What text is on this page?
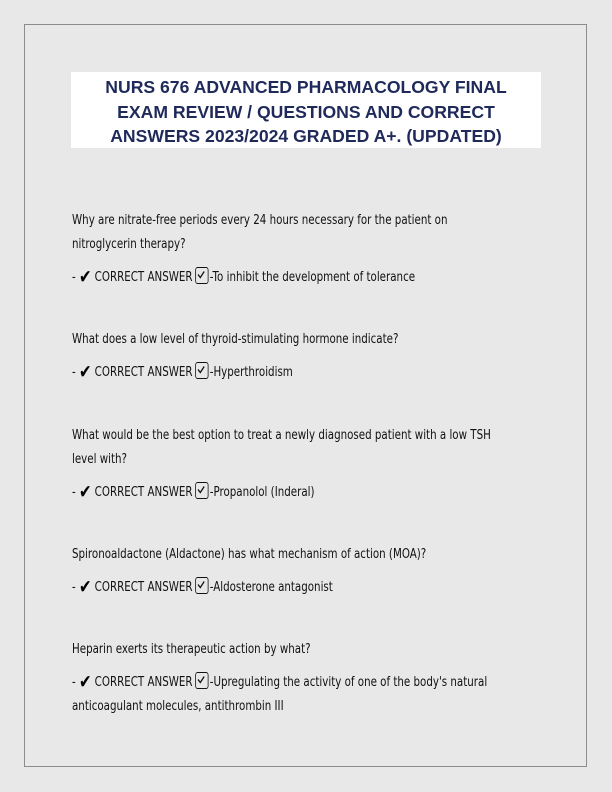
NURS 676 ADVANCED PHARMACOLOGY FINAL
EXAM REVIEW / QUESTIONS AND CORRECT
ANSWERS 2023/2024 GRADED A+. (UPDATED)
Why are nitrate-free periods every 24 hours necessary for the patient on
nitroglycerin therapy?
- ✔ CORRECT ANSWER -To inhibit the development of tolerance
What does a low level of thyroid-stimulating hormone indicate?
- ✔ CORRECT ANSWER -Hyperthroidism
What would be the best option to treat a newly diagnosed patient with a low TSH
level with?
- ✔ CORRECT ANSWER -Propanolol (Inderal)
Spironoaldactone (Aldactone) has what mechanism of action (MOA)?
- ✔ CORRECT ANSWER -Aldosterone antagonist
Heparin exerts its therapeutic action by what?
- ✔ CORRECT ANSWER -Upregulating the activity of one of the body's natural
anticoagulant molecules, antithrombin III
